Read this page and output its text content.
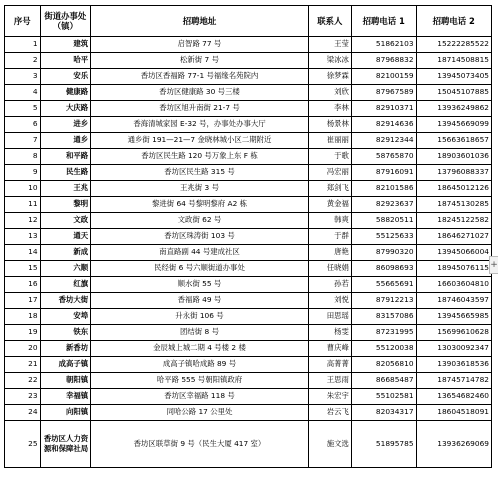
序号	街道办事处（镇）	招聘地址	联系人	招聘电话 1	招聘电话 2
1	建筑	启智路 77 号	王莹	51862103	15222285522
2	哈平	松新街 7 号	梁冰冰	87968832	18714508815
3	安乐	香坊区香福路 77-1 号福缘名苑院内	徐梦霖	82100159	13945073405
4	健康路	香坊区健康路 30 号三楼	刘欣	87967589	15045107885
5	大庆路	香坊区旭升南街 21-7 号	李林	82910371	13936249862
6	进乡	香海清城家园 E-32 号，办事处办事大厅	杨景林	82914636	13945669099
7	通乡	通乡街 191—21—7 金晓林城小区二期附近	崔丽丽	82912344	15663618657
8	和平路	香坊区民生路 120 号万象上东 F 栋	于歌	58765870	18903601036
9	民生路	香坊区民生路 315 号	冯宏丽	87916091	13796088337
10	王兆	王兆街 3 号	郑剑飞	82101586	18645012126
11	黎明	黎进街 64 号黎明黎府 A2 栋	黄金福	82923637	18745130285
12	文政	文政街 62 号	韩爽	58820511	18245122582
13	通天	香坊区珠涛街 103 号	于群	55125633	18646271027
14	新成	南直路副 44 号建成社区	唐艳	87990320	13945066004
15	六顺	民经街 6 号六顺街道办事处	任晓娟	86098693	18945076115
16	红旗	顺水街 55 号	孙若	55665691	16603604810
17	香坊大街	香福路 49 号	刘悦	87912213	18746043597
18	安埠	升永街 106 号	田思瑶	83157086	13945665985
19	铁东	团结街 8 号	杨雯	87231995	15699610628
20	新香坊	金辰城上城二期 4 号楼 2 楼	曹庆峰	55120038	13030092347
21	成高子镇	成高子镇哈成路 89 号	高菁菁	82056810	13903618536
22	朝阳镇	哈平路 555 号朝阳镇政府	王思雨	86685487	18745714782
23	幸福镇	香坊区幸福路 118 号	朱宏宇	55102581	13654682460
24	向阳镇	同哈公路 17 公里处	岩云飞	82034317	18604518091
25	香坊区人力资源和保障社局	香坊区联草街 9 号（民生大厦 417 室）	施文选	51895785	13936269069
+
